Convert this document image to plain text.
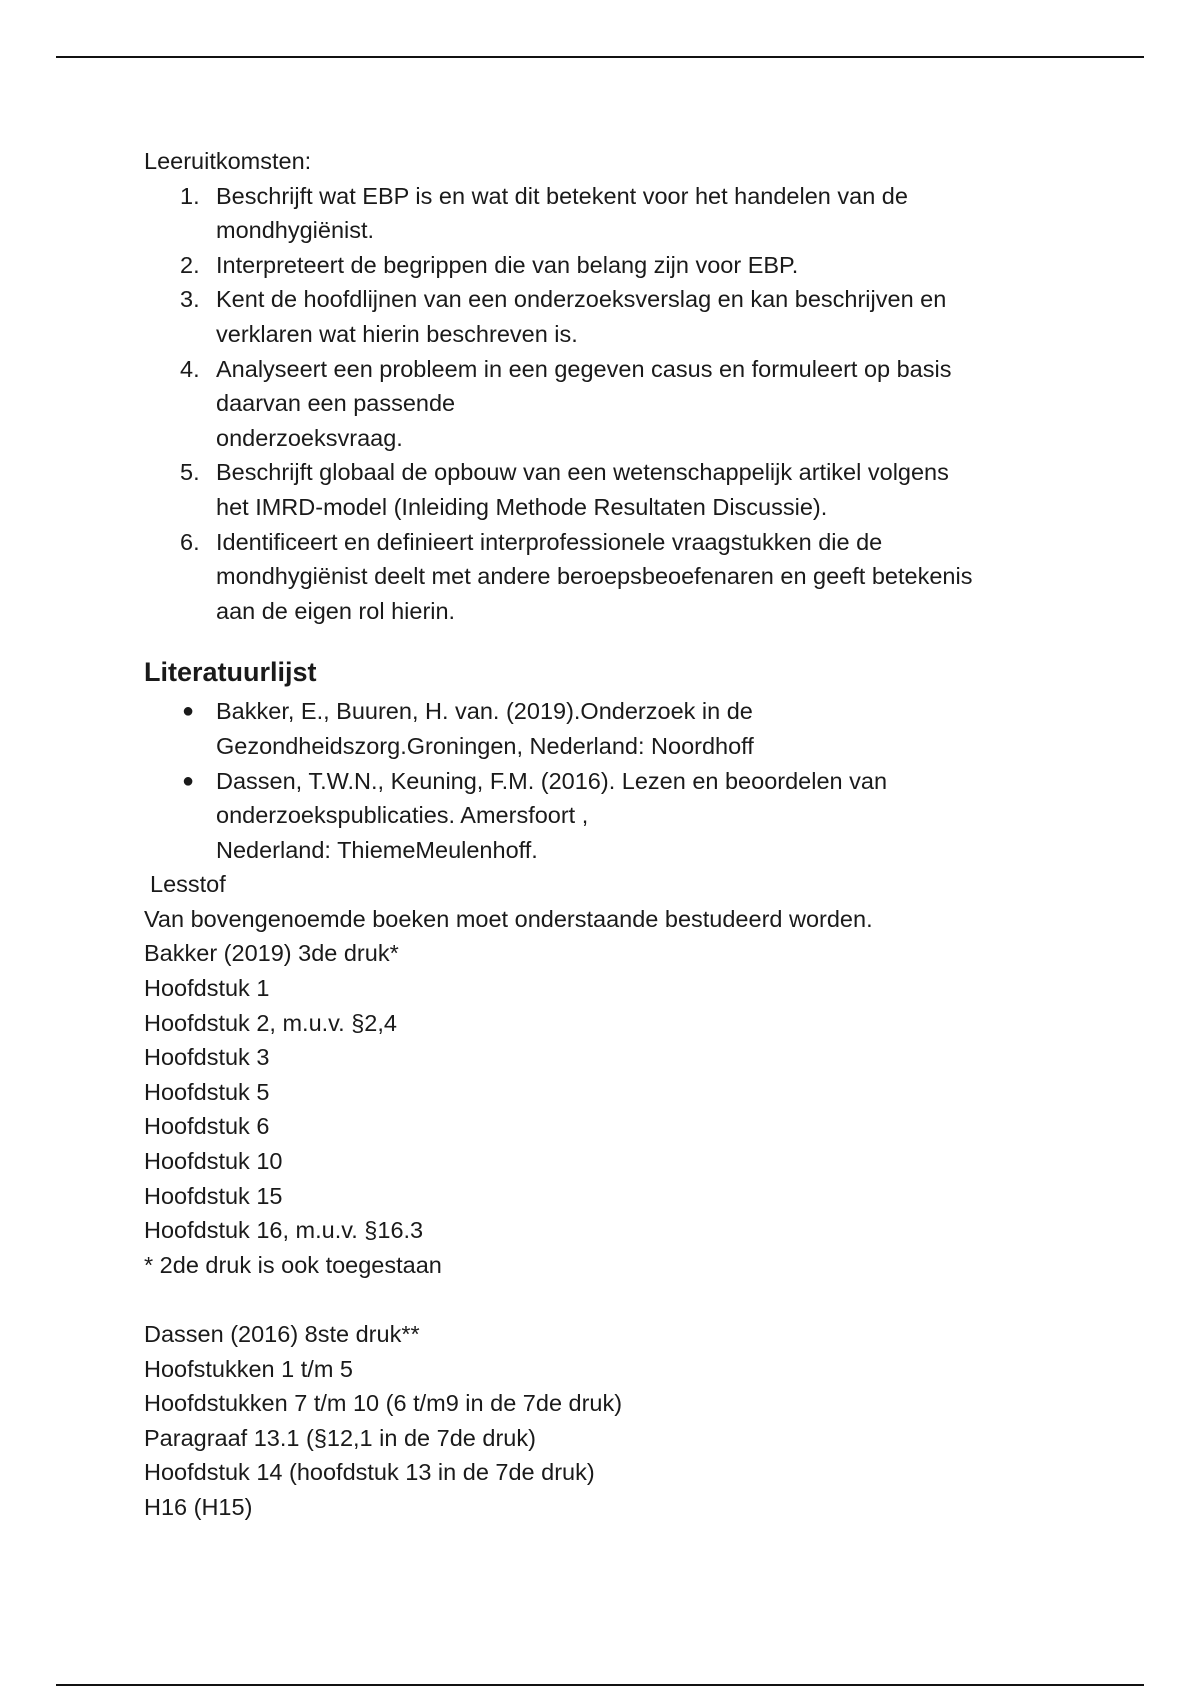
Leeruitkomsten:

1. Beschrijft wat EBP is en wat dit betekent voor het handelen van de
mondhygiënist.
2. Interpreteert de begrippen die van belang zijn voor EBP.
3. Kent de hoofdlijnen van een onderzoeksverslag en kan beschrijven en
verklaren wat hierin beschreven is.
4. Analyseert een probleem in een gegeven casus en formuleert op basis
daarvan een passende
onderzoeksvraag.
5. Beschrijft globaal de opbouw van een wetenschappelijk artikel volgens
het IMRD-model (Inleiding Methode Resultaten Discussie).
6. Identificeert en definieert interprofessionele vraagstukken die de
mondhygiënist deelt met andere beroepsbeoefenaren en geeft betekenis
aan de eigen rol hierin.
Literatuurlijst
● Bakker, E., Buuren, H. van. (2019).Onderzoek in de
Gezondheidszorg.Groningen, Nederland: Noordhoff
● Dassen, T.W.N., Keuning, F.M. (2016). Lezen en beoordelen van
onderzoekspublicaties. Amersfoort ,
Nederland: ThiemeMeulenhoff.

Lesstof

Van bovengenoemde boeken moet onderstaande bestudeerd worden.

Bakker (2019) 3de druk*

Hoofdstuk 1

Hoofdstuk 2, m.u.v. §2,4

Hoofdstuk 3

Hoofdstuk 5

Hoofdstuk 6

Hoofdstuk 10

Hoofdstuk 15

Hoofdstuk 16, m.u.v. §16.3

* 2de druk is ook toegestaan

Dassen (2016) 8ste druk**

Hoofstukken 1 t/m 5

Hoofdstukken 7 t/m 10 (6 t/m9 in de 7de druk)

Paragraaf 13.1 (§12,1 in de 7de druk)

Hoofdstuk 14 (hoofdstuk 13 in de 7de druk)

H16 (H15)
